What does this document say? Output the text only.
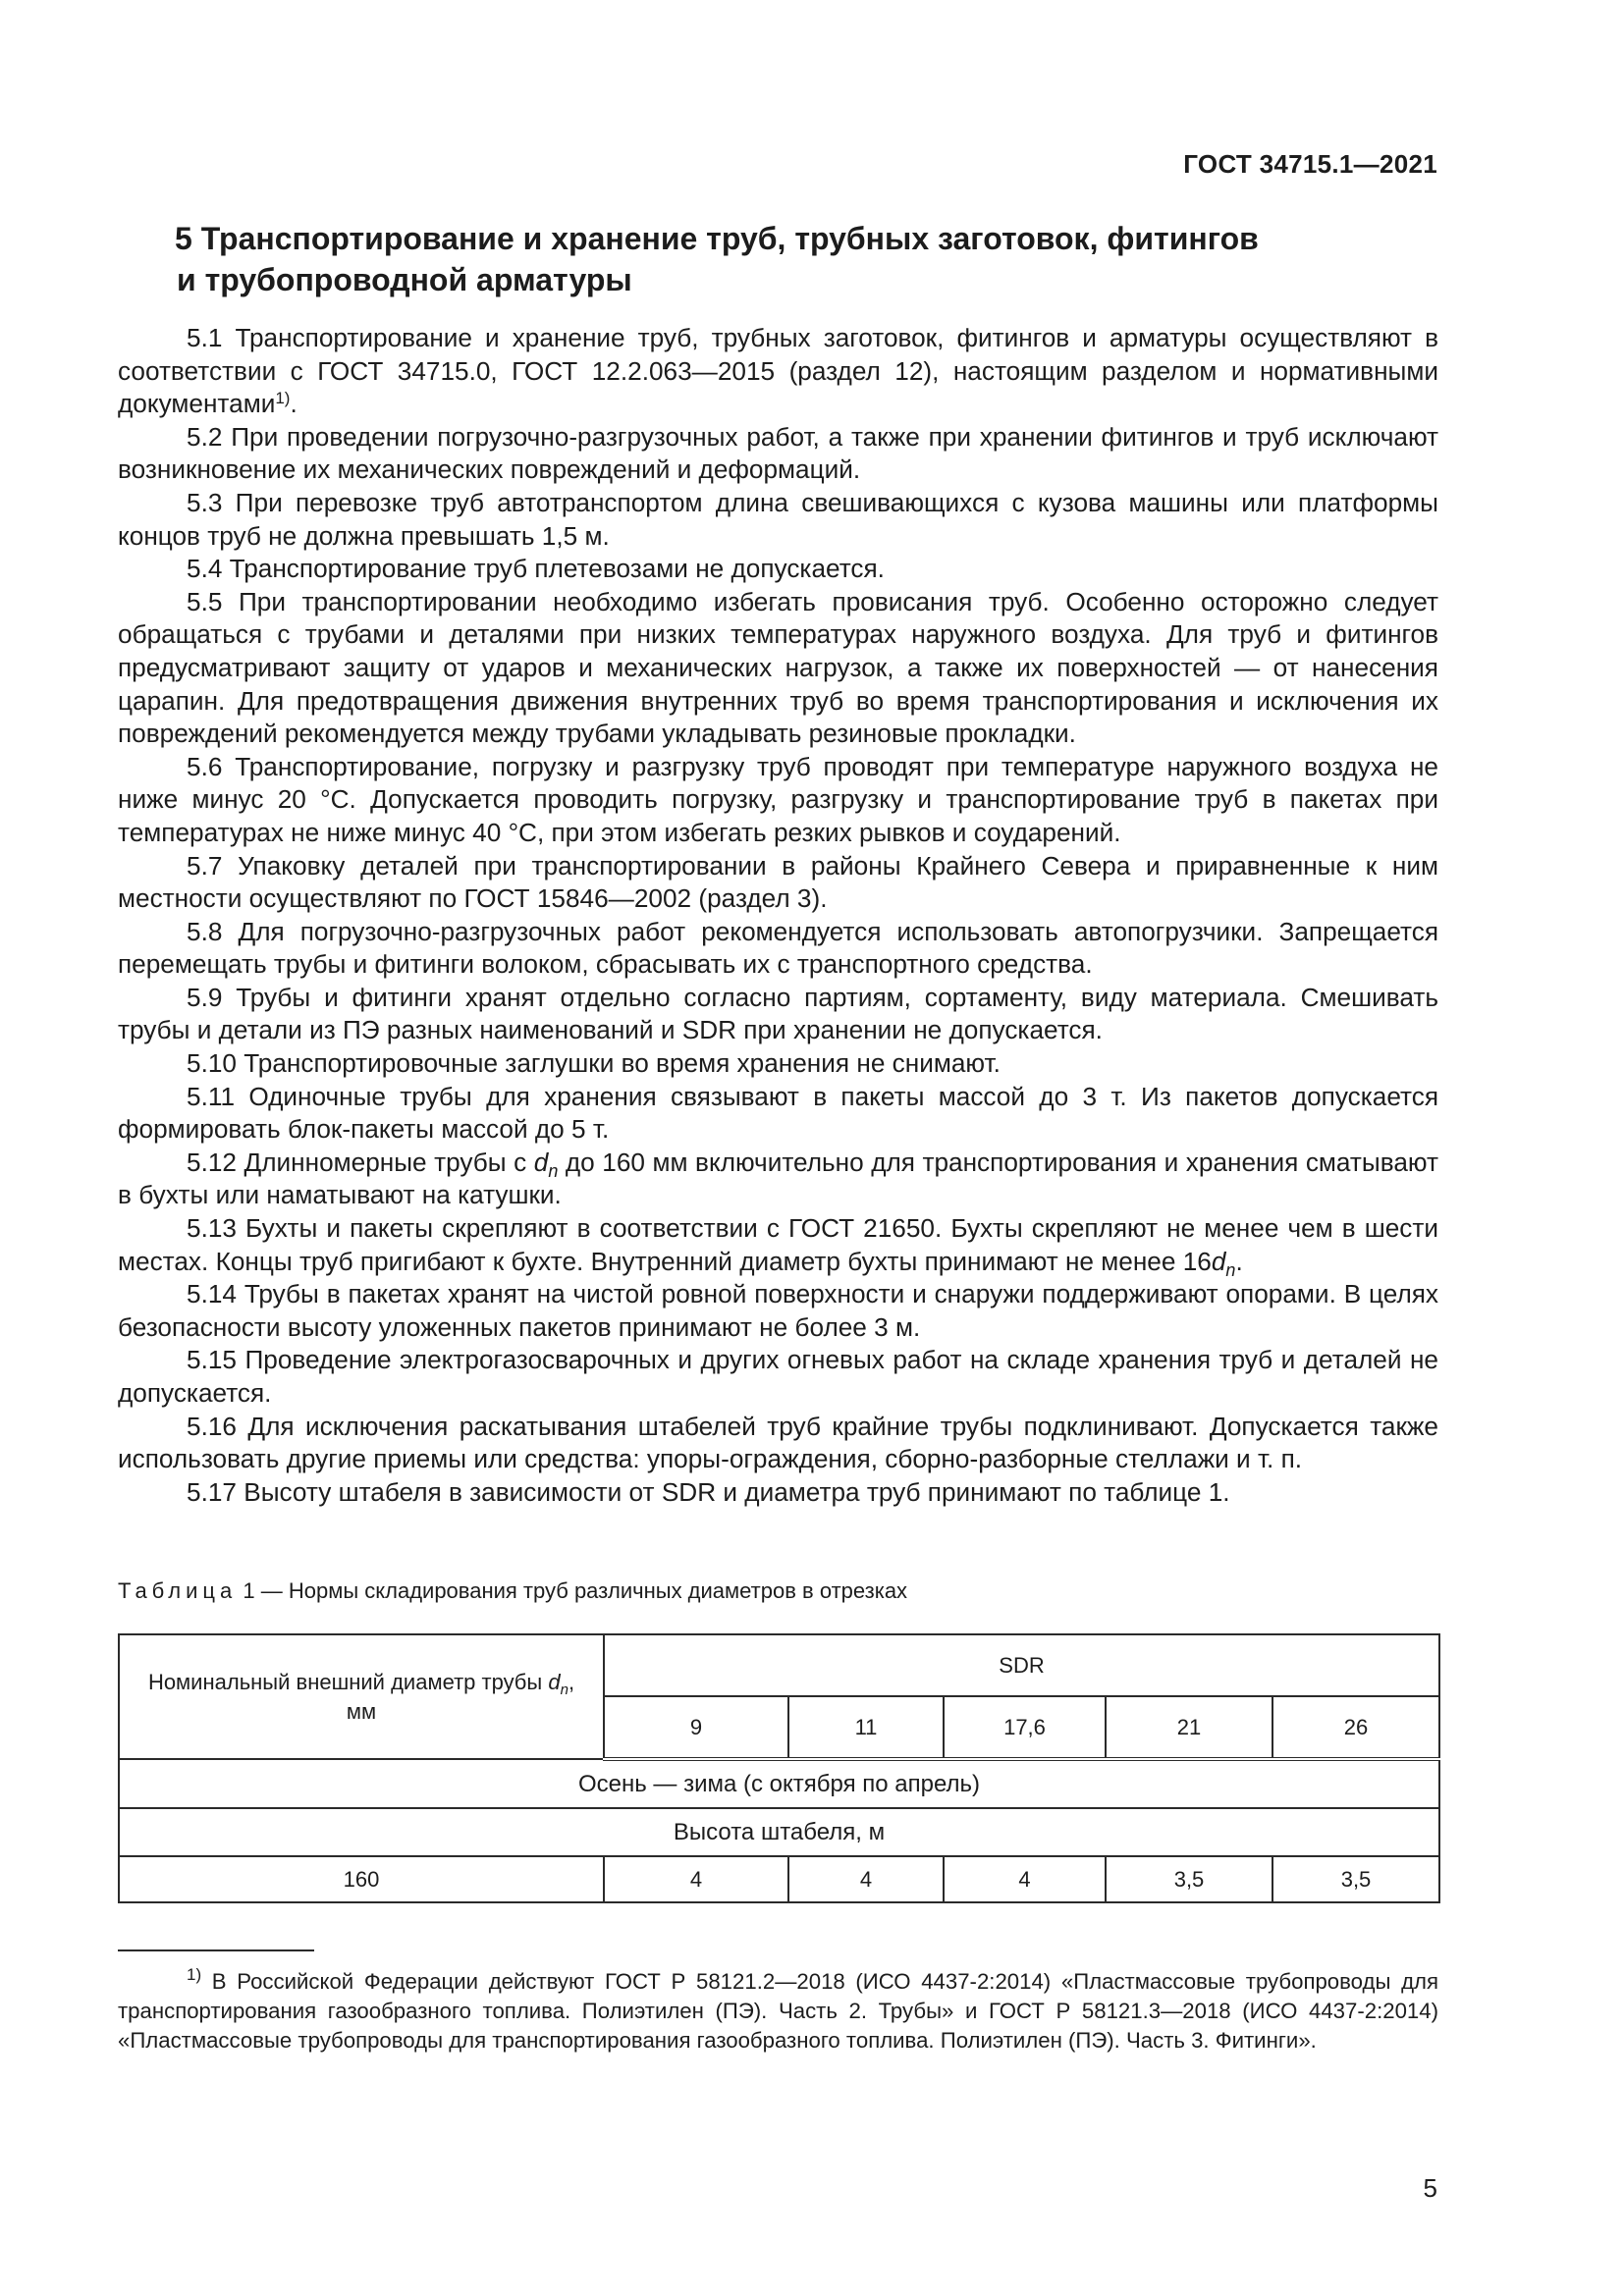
ГОСТ 34715.1—2021
5 Транспортирование и хранение труб, трубных заготовок, фитингов
и трубопроводной арматуры

5.1 Транспортирование и хранение труб, трубных заготовок, фитингов и арматуры осуществляют в соответствии с ГОСТ 34715.0, ГОСТ 12.2.063—2015 (раздел 12), настоящим разделом и нормативными документами$^{1)}$.

5.2 При проведении погрузочно-разгрузочных работ, а также при хранении фитингов и труб исключают возникновение их механических повреждений и деформаций.

5.3 При перевозке труб автотранспортом длина свешивающихся с кузова машины или платформы концов труб не должна превышать 1,5 м.

5.4 Транспортирование труб плетевозами не допускается.

5.5 При транспортировании необходимо избегать провисания труб. Особенно осторожно следует обращаться с трубами и деталями при низких температурах наружного воздуха. Для труб и фитингов предусматривают защиту от ударов и механических нагрузок, а также их поверхностей — от нанесения царапин. Для предотвращения движения внутренних труб во время транспортирования и исключения их повреждений рекомендуется между трубами укладывать резиновые прокладки.

5.6 Транспортирование, погрузку и разгрузку труб проводят при температуре наружного воздуха не ниже минус 20 °С. Допускается проводить погрузку, разгрузку и транспортирование труб в пакетах при температурах не ниже минус 40 °С, при этом избегать резких рывков и соударений.

5.7 Упаковку деталей при транспортировании в районы Крайнего Севера и приравненные к ним местности осуществляют по ГОСТ 15846—2002 (раздел 3).

5.8 Для погрузочно-разгрузочных работ рекомендуется использовать автопогрузчики. Запрещается перемещать трубы и фитинги волоком, сбрасывать их с транспортного средства.

5.9 Трубы и фитинги хранят отдельно согласно партиям, сортаменту, виду материала. Смешивать трубы и детали из ПЭ разных наименований и SDR при хранении не допускается.

5.10 Транспортировочные заглушки во время хранения не снимают.

5.11 Одиночные трубы для хранения связывают в пакеты массой до 3 т. Из пакетов допускается формировать блок-пакеты массой до 5 т.

5.12 Длинномерные трубы с $d_n$ до 160 мм включительно для транспортирования и хранения сматывают в бухты или наматывают на катушки.

5.13 Бухты и пакеты скрепляют в соответствии с ГОСТ 21650. Бухты скрепляют не менее чем в шести местах. Концы труб пригибают к бухте. Внутренний диаметр бухты принимают не менее $16d_n$.

5.14 Трубы в пакетах хранят на чистой ровной поверхности и снаружи поддерживают опорами. В целях безопасности высоту уложенных пакетов принимают не более 3 м.

5.15 Проведение электрогазосварочных и других огневых работ на складе хранения труб и деталей не допускается.

5.16 Для исключения раскатывания штабелей труб крайние трубы подклинивают. Допускается также использовать другие приемы или средства: упоры-ограждения, сборно-разборные стеллажи и т. п.

5.17 Высоту штабеля в зависимости от SDR и диаметра труб принимают по таблице 1.

Таблица 1 — Нормы складирования труб различных диаметров в отрезках
Номинальный внешний диаметр трубы $d_n$,
мм	SDR				
	9	11	17,6	21	26
Осень — зима (с октября по апрель)					
Высота штабеля, м					
160	4	4	4	3,5	3,5

$^{1)}$ В Российской Федерации действуют ГОСТ Р 58121.2—2018 (ИСО 4437-2:2014) «Пластмассовые трубопроводы для транспортирования газообразного топлива. Полиэтилен (ПЭ). Часть 2. Трубы» и ГОСТ Р 58121.3—2018 (ИСО 4437-2:2014) «Пластмассовые трубопроводы для транспортирования газообразного топлива. Полиэтилен (ПЭ). Часть 3. Фитинги».

5
